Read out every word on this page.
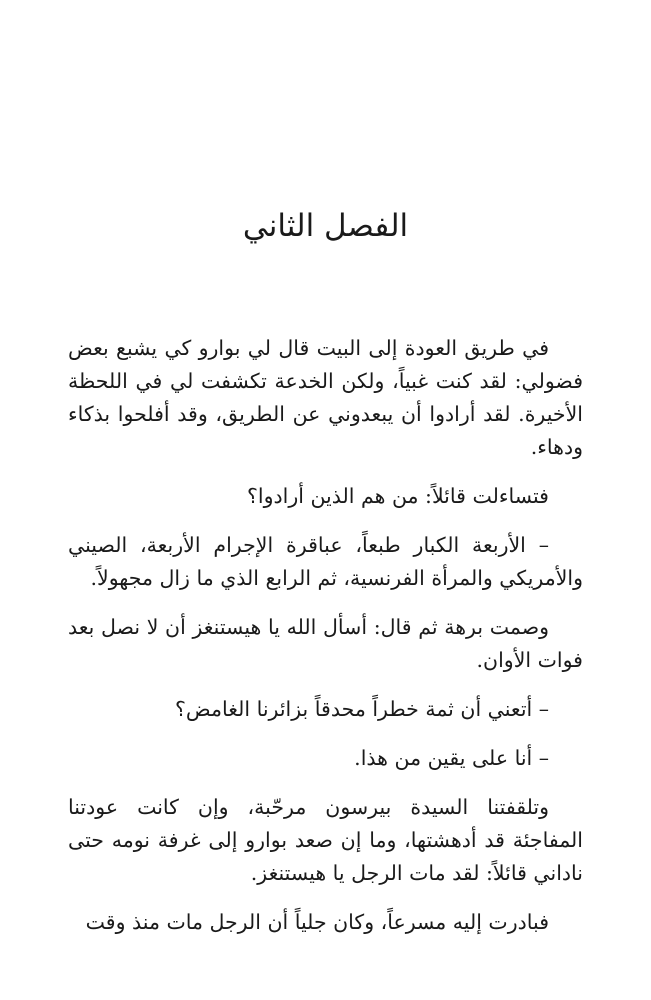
الفصل الثاني

في طريق العودة إلى البيت قال لي بوارو كي يشبع بعض فضولي: لقد كنت غبياً، ولكن الخدعة تكشفت لي في اللحظة الأخيرة. لقد أرادوا أن يبعدوني عن الطريق، وقد أفلحوا بذكاء ودهاء.

فتساءلت قائلاً: من هم الذين أرادوا؟

– الأربعة الكبار طبعاً، عباقرة الإجرام الأربعة، الصيني والأمريكي والمرأة الفرنسية، ثم الرابع الذي ما زال مجهولاً.

وصمت برهة ثم قال: أسأل الله يا هيستنغز أن لا نصل بعد فوات الأوان.

– أتعني أن ثمة خطراً محدقاً بزائرنا الغامض؟

– أنا على يقين من هذا.

وتلقفتنا السيدة بيرسون مرحّبة، وإن كانت عودتنا المفاجئة قد أدهشتها، وما إن صعد بوارو إلى غرفة نومه حتى ناداني قائلاً: لقد مات الرجل يا هيستنغز.

فبادرت إليه مسرعاً، وكان جلياً أن الرجل مات منذ وقت
